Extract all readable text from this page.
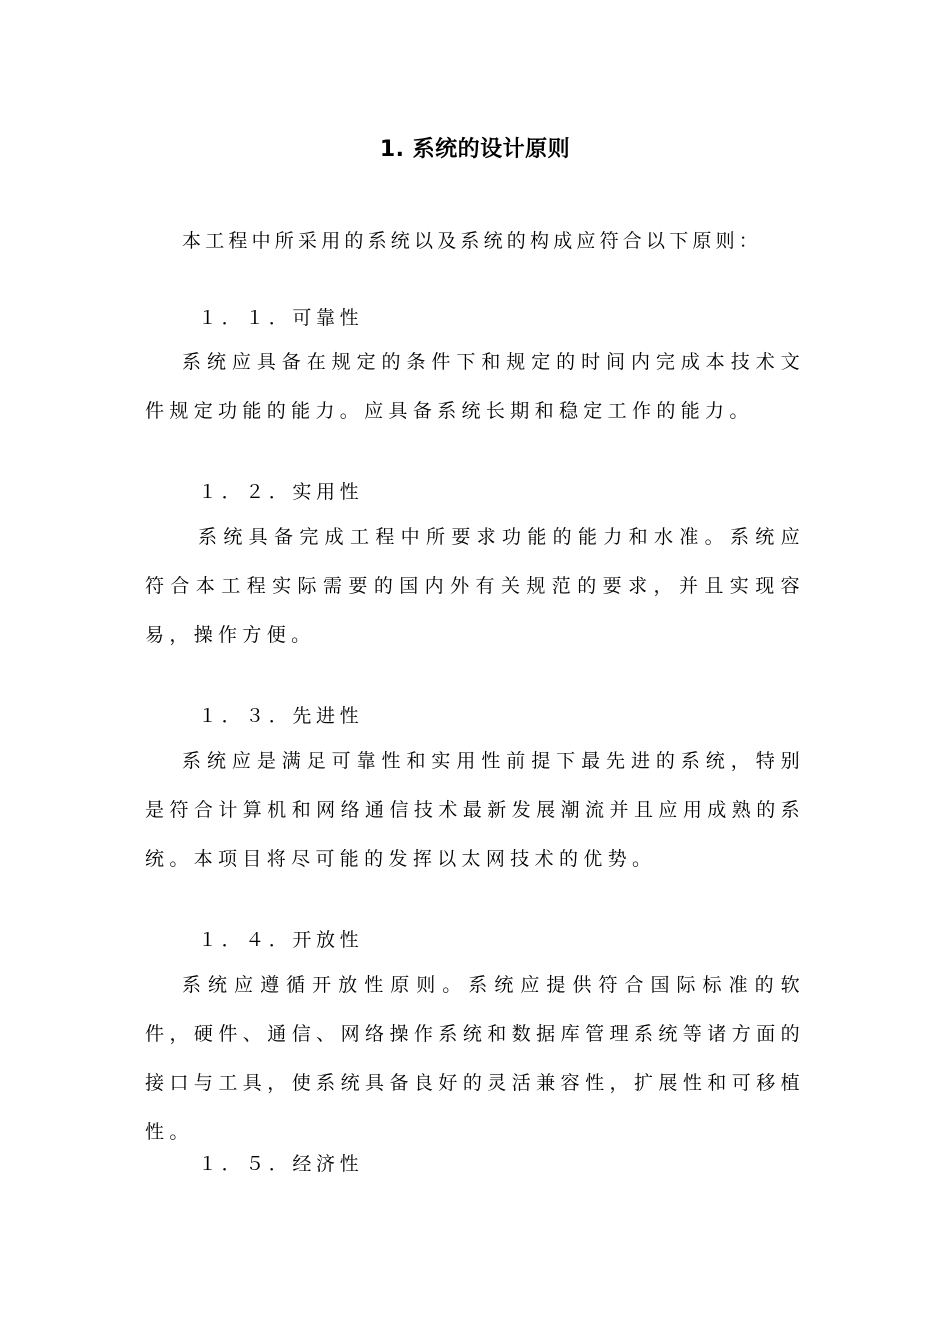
1. 系统的设计原则
本工程中所采用的系统以及系统的构成应符合以下原则：
１．１．可靠性

系统应具备在规定的条件下和规定的时间内完成本技术文件规定功能的能力。应具备系统长期和稳定工作的能力。

１．２．实用性

系统具备完成工程中所要求功能的能力和水准。系统应符合本工程实际需要的国内外有关规范的要求，并且实现容易，操作方便。

１．３．先进性

系统应是满足可靠性和实用性前提下最先进的系统，特别是符合计算机和网络通信技术最新发展潮流并且应用成熟的系统。本项目将尽可能的发挥以太网技术的优势。

１．４．开放性

系统应遵循开放性原则。系统应提供符合国际标准的软件，硬件、通信、网络操作系统和数据库管理系统等诸方面的接口与工具，使系统具备良好的灵活兼容性，扩展性和可移植性。

１．５．经济性
